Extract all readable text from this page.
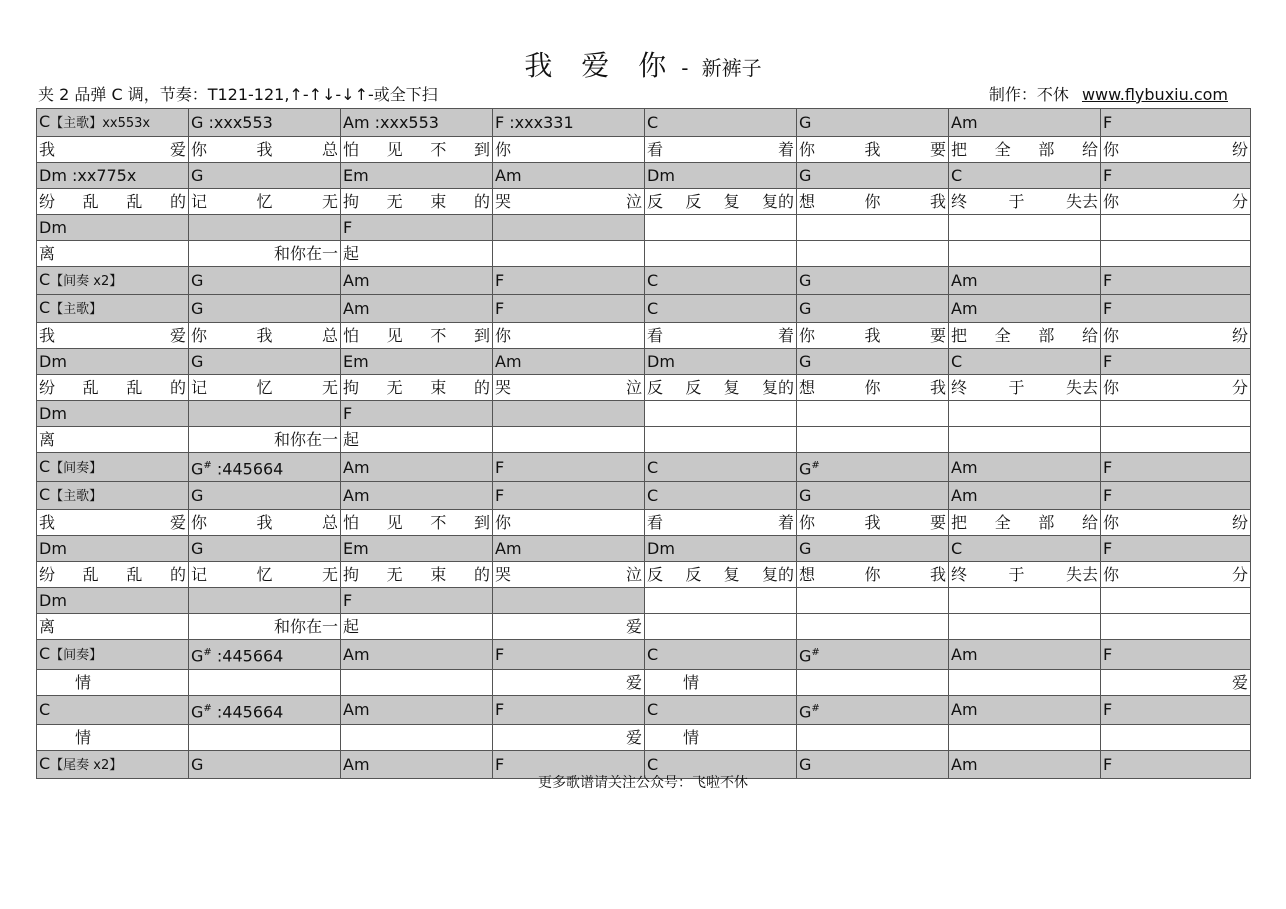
我 爱 你 - 新裤子
夹 2 品弹 C 调，节奏：T121-121,↑-↑↓-↓↑-或全下扫	制作：不休 www.flybuxiu.com
C【主歌】xx553x	G :xxx553	Am :xxx553	F :xxx331	C	G	Am	F

我 爱	你 我 总	怕 见 不 到	你	看 着	你 我 要	把 全 部 给	你 纷

Dm :xx775x	G	Em	Am	Dm	G	C	F

纷 乱 乱 的	记 忆 无	拘 无 束 的	哭 泣	反 反 复 复的	想 你 我	终 于 失去	你 分

Dm		F					

离	和你在一	起					

C【间奏 x2】	G	Am	F	C	G	Am	F
C【主歌】	G	Am	F	C	G	Am	F

我 爱	你 我 总	怕 见 不 到	你	看 着	你 我 要	把 全 部 给	你 纷

Dm	G	Em	Am	Dm	G	C	F

纷 乱 乱 的	记 忆 无	拘 无 束 的	哭 泣	反 反 复 复的	想 你 我	终 于 失去	你 分

Dm		F					

离	和你在一	起					

C【间奏】	G# :445664	Am	F	C	G#	Am	F
C【主歌】	G	Am	F	C	G	Am	F

我 爱	你 我 总	怕 见 不 到	你	看 着	你 我 要	把 全 部 给	你 纷

Dm	G	Em	Am	Dm	G	C	F

纷 乱 乱 的	记 忆 无	拘 无 束 的	哭 泣	反 反 复 复的	想 你 我	终 于 失去	你 分

Dm		F					

离	和你在一	起	爱				

C【间奏】	G# :445664	Am	F	C	G#	Am	F

情			爱	情			爱

C	G# :445664	Am	F	C	G#	Am	F

情			爱	情			

C【尾奏 x2】	G	Am	F	C	G	Am	F
更多歌谱请关注公众号：飞啦不休
